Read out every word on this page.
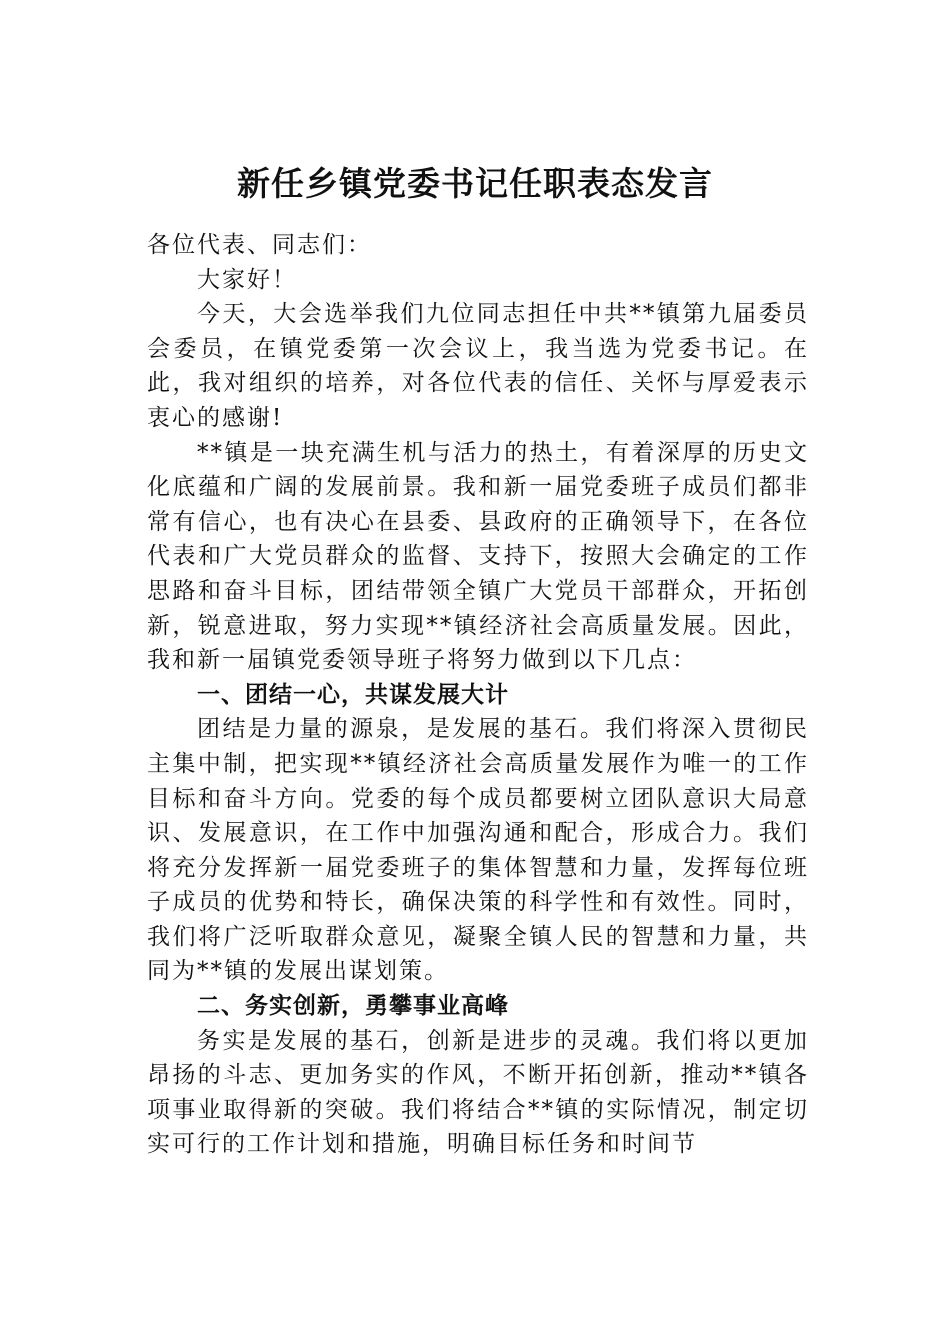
新任乡镇党委书记任职表态发言

各位代表、同志们：

大家好！

今天，大会选举我们九位同志担任中共**镇第九届委员会委员，在镇党委第一次会议上，我当选为党委书记。在此，我对组织的培养，对各位代表的信任、关怀与厚爱表示衷心的感谢!

**镇是一块充满生机与活力的热土，有着深厚的历史文化底蕴和广阔的发展前景。我和新一届党委班子成员们都非常有信心，也有决心在县委、县政府的正确领导下，在各位代表和广大党员群众的监督、支持下，按照大会确定的工作思路和奋斗目标，团结带领全镇广大党员干部群众，开拓创新，锐意进取，努力实现**镇经济社会高质量发展。因此，我和新一届镇党委领导班子将努力做到以下几点：

一、团结一心，共谋发展大计

团结是力量的源泉，是发展的基石。我们将深入贯彻民主集中制，把实现**镇经济社会高质量发展作为唯一的工作目标和奋斗方向。党委的每个成员都要树立团队意识大局意识、发展意识，在工作中加强沟通和配合，形成合力。我们将充分发挥新一届党委班子的集体智慧和力量，发挥每位班子成员的优势和特长，确保决策的科学性和有效性。同时，我们将广泛听取群众意见，凝聚全镇人民的智慧和力量，共同为**镇的发展出谋划策。

二、务实创新，勇攀事业高峰

务实是发展的基石，创新是进步的灵魂。我们将以更加昂扬的斗志、更加务实的作风，不断开拓创新，推动**镇各项事业取得新的突破。我们将结合**镇的实际情况，制定切实可行的工作计划和措施，明确目标任务和时间节
